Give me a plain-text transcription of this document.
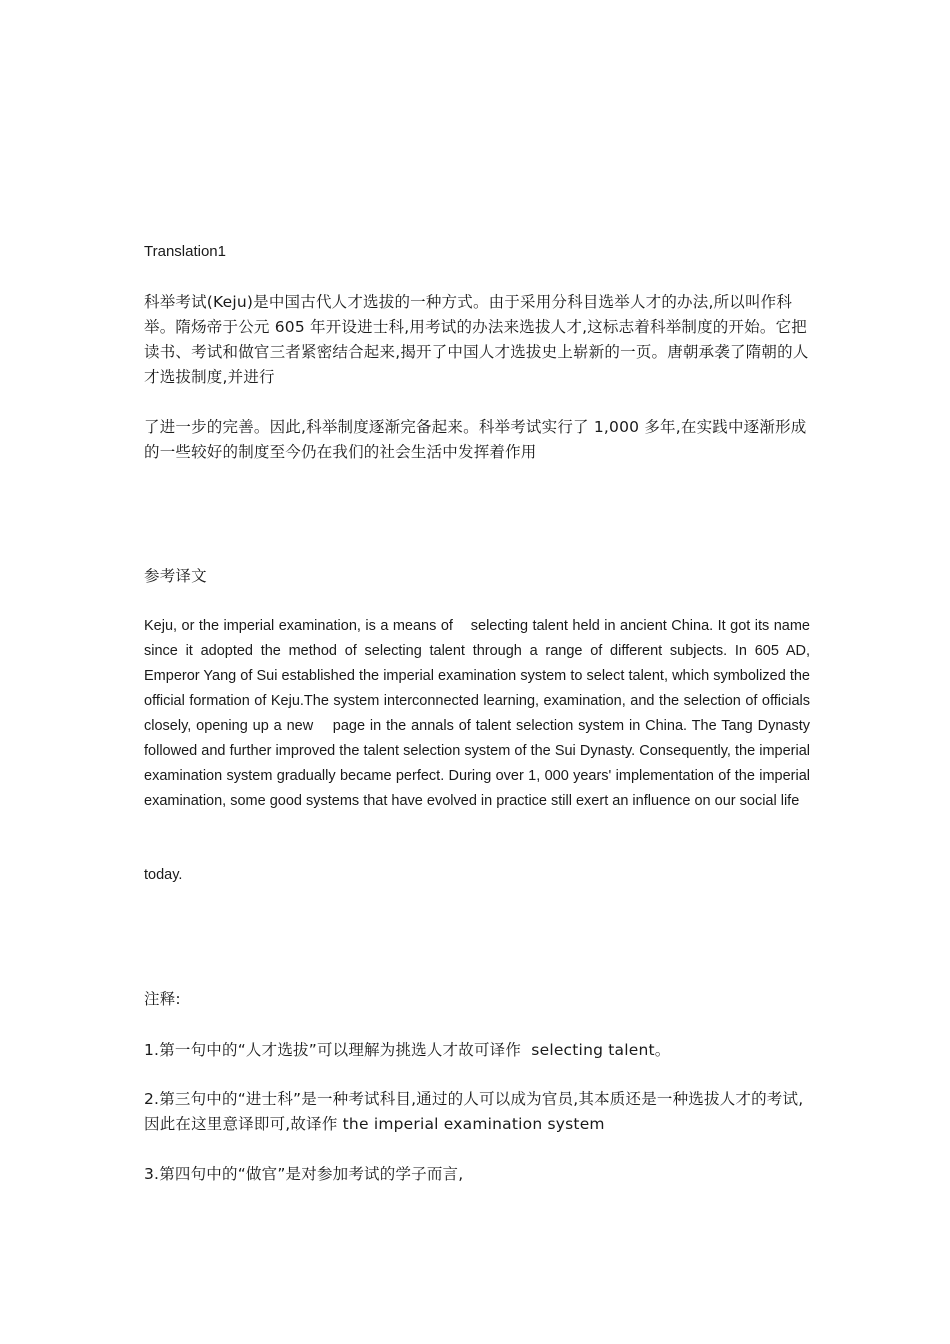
Translation1

科举考试(Keju)是中国古代人才选拔的一种方式。由于采用分科目选举人才的办法,所以叫作科举。隋炀帝于公元 605 年开设进士科,用考试的办法来选拔人才,这标志着科举制度的开始。它把读书、考试和做官三者紧密结合起来,揭开了中国人才选拔史上崭新的一页。唐朝承袭了隋朝的人才选拔制度,并进行

了进一步的完善。因此,科举制度逐渐完备起来。科举考试实行了 1,000 多年,在实践中逐渐形成的一些较好的制度至今仍在我们的社会生活中发挥着作用

参考译文

Keju, or the imperial examination, is a means of    selecting talent held in ancient China. It got its name since it adopted the method of selecting talent through a range of different subjects. In 605 AD, Emperor Yang of Sui established the imperial examination system to select talent, which symbolized the official formation of Keju.The system interconnected learning, examination, and the selection of officials closely, opening up a new    page in the annals of talent selection system in China. The Tang Dynasty followed and further improved the talent selection system of the Sui Dynasty. Consequently, the imperial examination system gradually became perfect. During over 1, 000 years' implementation of the imperial examination, some good systems that have evolved in practice still exert an influence on our social life

today.

注释:

1.第一句中的“人才选拔”可以理解为挑选人才故可译作  selecting talent。

2.第三句中的“进士科”是一种考试科目,通过的人可以成为官员,其本质还是一种选拔人才的考试,因此在这里意译即可,故译作 the imperial examination system

3.第四句中的“做官”是对参加考试的学子而言,
